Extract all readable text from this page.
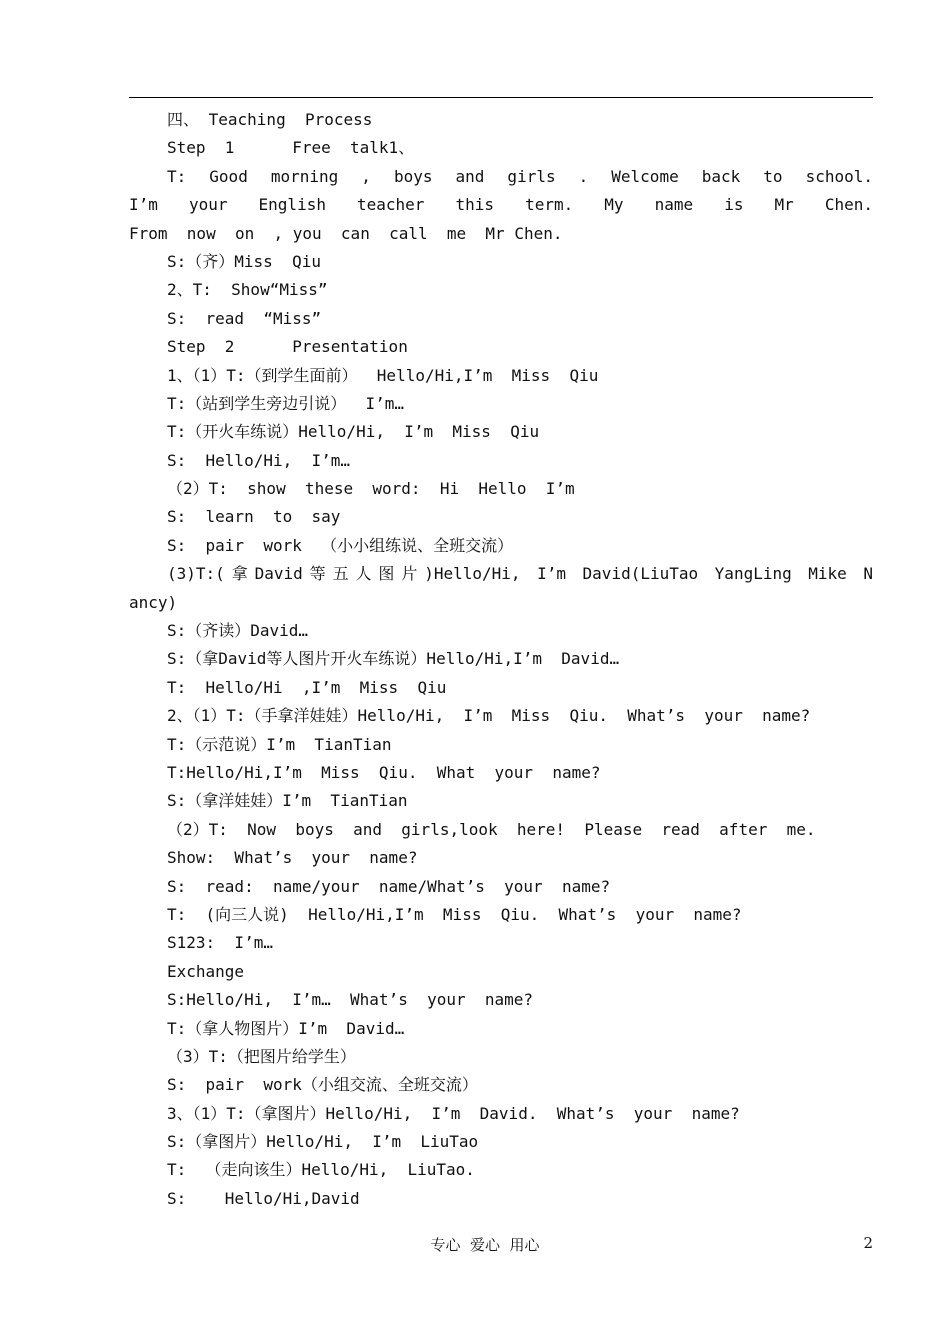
四、 Teaching  Process
Step  1      Free  talk1、
T: Good morning , boys and girls . Welcome back to school.
I’m your English teacher this term. My name is Mr Chen.
From  now  on  , you  can  call  me  Mr Chen.
S:（齐）Miss  Qiu
2、T:  Show“Miss”
S:  read  “Miss”
Step  2      Presentation
1、（1）T:（到学生面前）  Hello/Hi,I’m  Miss  Qiu
T:（站到学生旁边引说）  I’m…
T:（开火车练说）Hello/Hi,  I’m  Miss  Qiu
S:  Hello/Hi,  I’m…
（2）T:  show  these  word:  Hi  Hello  I’m
S:  learn  to  say
S:  pair  work  （小小组练说、全班交流）
(3)T:(拿David等五人图片)Hello/Hi, I’m David(LiuTao YangLing Mike N
ancy)
S:（齐读）David…
S:（拿David等人图片开火车练说）Hello/Hi,I’m  David…
T:  Hello/Hi  ,I’m  Miss  Qiu
2、（1）T:（手拿洋娃娃）Hello/Hi,  I’m  Miss  Qiu.  What’s  your  name?
T:（示范说）I’m  TianTian
T:Hello/Hi,I’m  Miss  Qiu.  What  your  name?
S:（拿洋娃娃）I’m  TianTian
（2）T:  Now  boys  and  girls,look  here!  Please  read  after  me.
Show:  What’s  your  name?
S:  read:  name/your  name/What’s  your  name?
T:  (向三人说)  Hello/Hi,I’m  Miss  Qiu.  What’s  your  name?
S123:  I’m…
Exchange
S:Hello/Hi,  I’m…  What’s  your  name?
T:（拿人物图片）I’m  David…
（3）T:（把图片给学生）
S:  pair  work（小组交流、全班交流）
3、（1）T:（拿图片）Hello/Hi,  I’m  David.  What’s  your  name?
S:（拿图片）Hello/Hi,  I’m  LiuTao
T:  （走向该生）Hello/Hi,  LiuTao.
S:    Hello/Hi,David
专心  爱心  用心	2
